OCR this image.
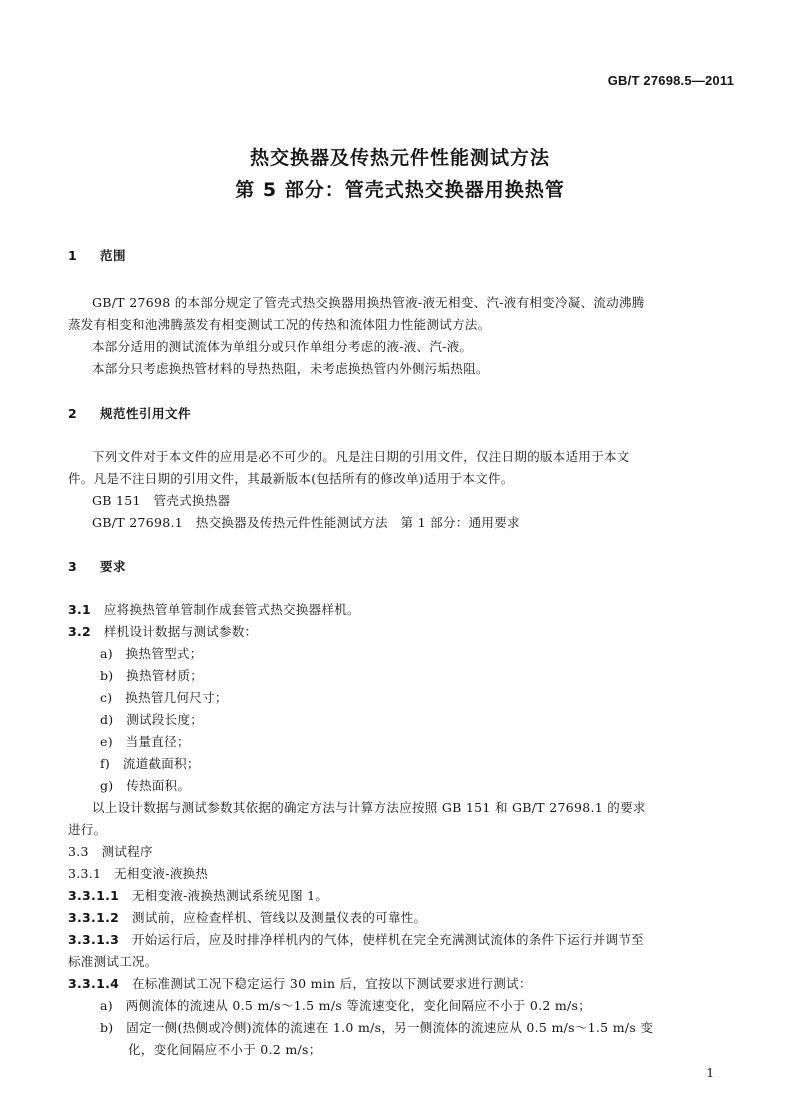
GB/T 27698.5—2011
热交换器及传热元件性能测试方法
第 5 部分：管壳式热交换器用换热管
1 范围
GB/T 27698 的本部分规定了管壳式热交换器用换热管液-液无相变、汽-液有相变冷凝、流动沸腾
蒸发有相变和池沸腾蒸发有相变测试工况的传热和流体阻力性能测试方法。
本部分适用的测试流体为单组分或只作单组分考虑的液-液、汽-液。
本部分只考虑换热管材料的导热热阻，未考虑换热管内外侧污垢热阻。
2 规范性引用文件
下列文件对于本文件的应用是必不可少的。凡是注日期的引用文件，仅注日期的版本适用于本文
件。凡是不注日期的引用文件，其最新版本(包括所有的修改单)适用于本文件。
GB 151　管壳式换热器
GB/T 27698.1　热交换器及传热元件性能测试方法　第 1 部分：通用要求
3 要求
3.1　 应将换热管单管制作成套管式热交换器样机。
3.2　 样机设计数据与测试参数：
a)　换热管型式；
b)　换热管材质；
c)　换热管几何尺寸；
d)　测试段长度；
e)　当量直径；
f)　流道截面积；
g)　传热面积。
以上设计数据与测试参数其依据的确定方法与计算方法应按照 GB 151 和 GB/T 27698.1 的要求
进行。
3.3　测试程序
3.3.1　无相变液-液换热
3.3.1.1　 无相变液-液换热测试系统见图 1。
3.3.1.2　 测试前，应检查样机、管线以及测量仪表的可靠性。
3.3.1.3　 开始运行后，应及时排净样机内的气体，使样机在完全充满测试流体的条件下运行并调节至
标准测试工况。
3.3.1.4　 在标准测试工况下稳定运行 30 min 后，宜按以下测试要求进行测试：
a)　两侧流体的流速从 0.5 m/s～1.5 m/s 等流速变化，变化间隔应不小于 0.2 m/s；
b)　固定一侧(热侧或冷侧)流体的流速在 1.0 m/s，另一侧流体的流速应从 0.5 m/s～1.5 m/s 变
化，变化间隔应不小于 0.2 m/s；
1
